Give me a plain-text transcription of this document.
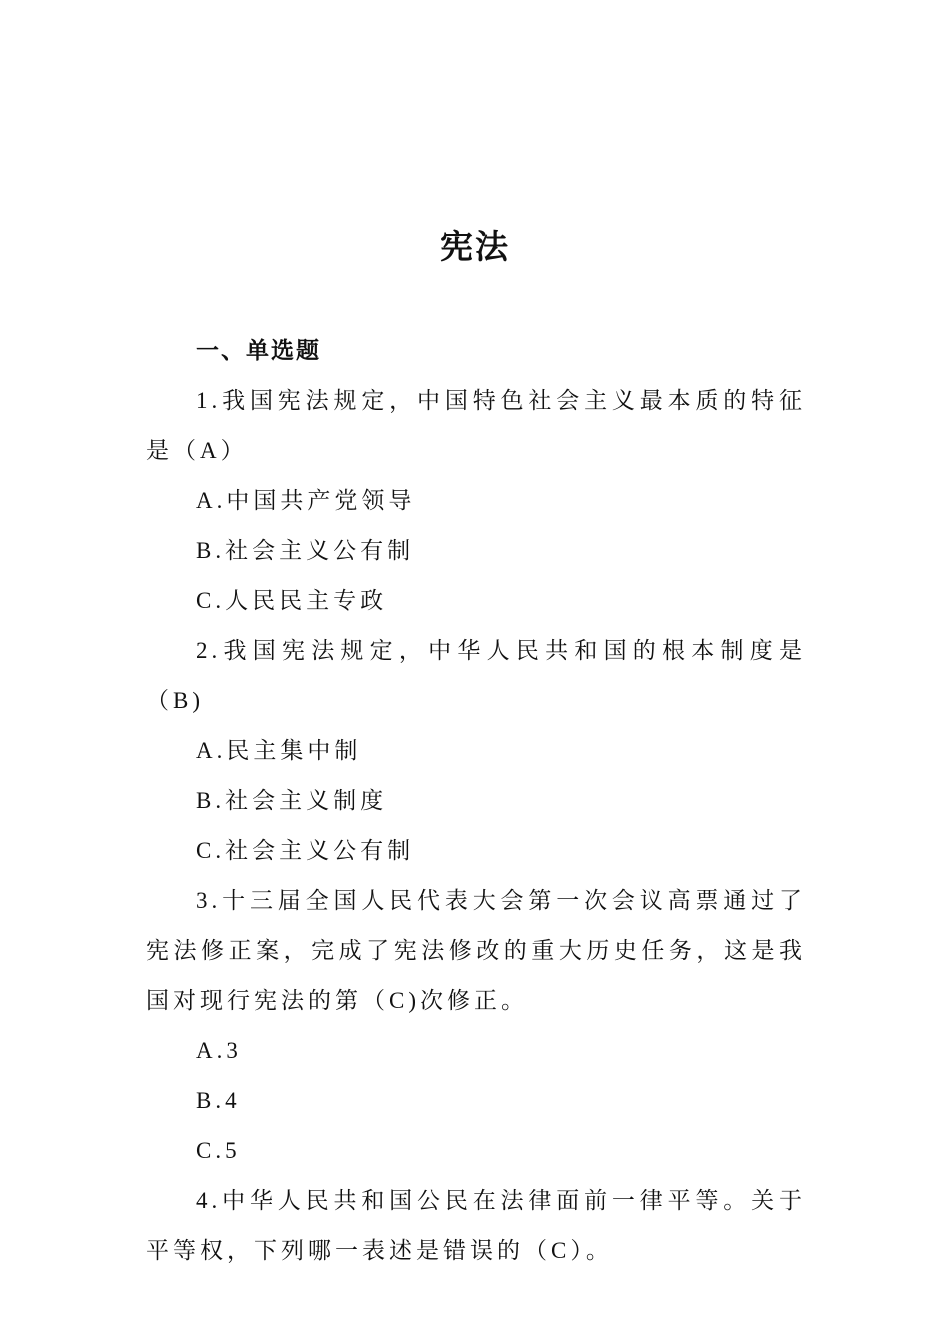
宪法

一、单选题

1.我国宪法规定，中国特色社会主义最本质的特征是（A）

A.中国共产党领导

B.社会主义公有制

C.人民民主专政

2.我国宪法规定，中华人民共和国的根本制度是（B)

A.民主集中制

B.社会主义制度

C.社会主义公有制

3.十三届全国人民代表大会第一次会议高票通过了宪法修正案，完成了宪法修改的重大历史任务，这是我国对现行宪法的第（C)次修正。

A.3

B.4

C.5

4.中华人民共和国公民在法律面前一律平等。关于平等权，下列哪一表述是错误的（C）。
